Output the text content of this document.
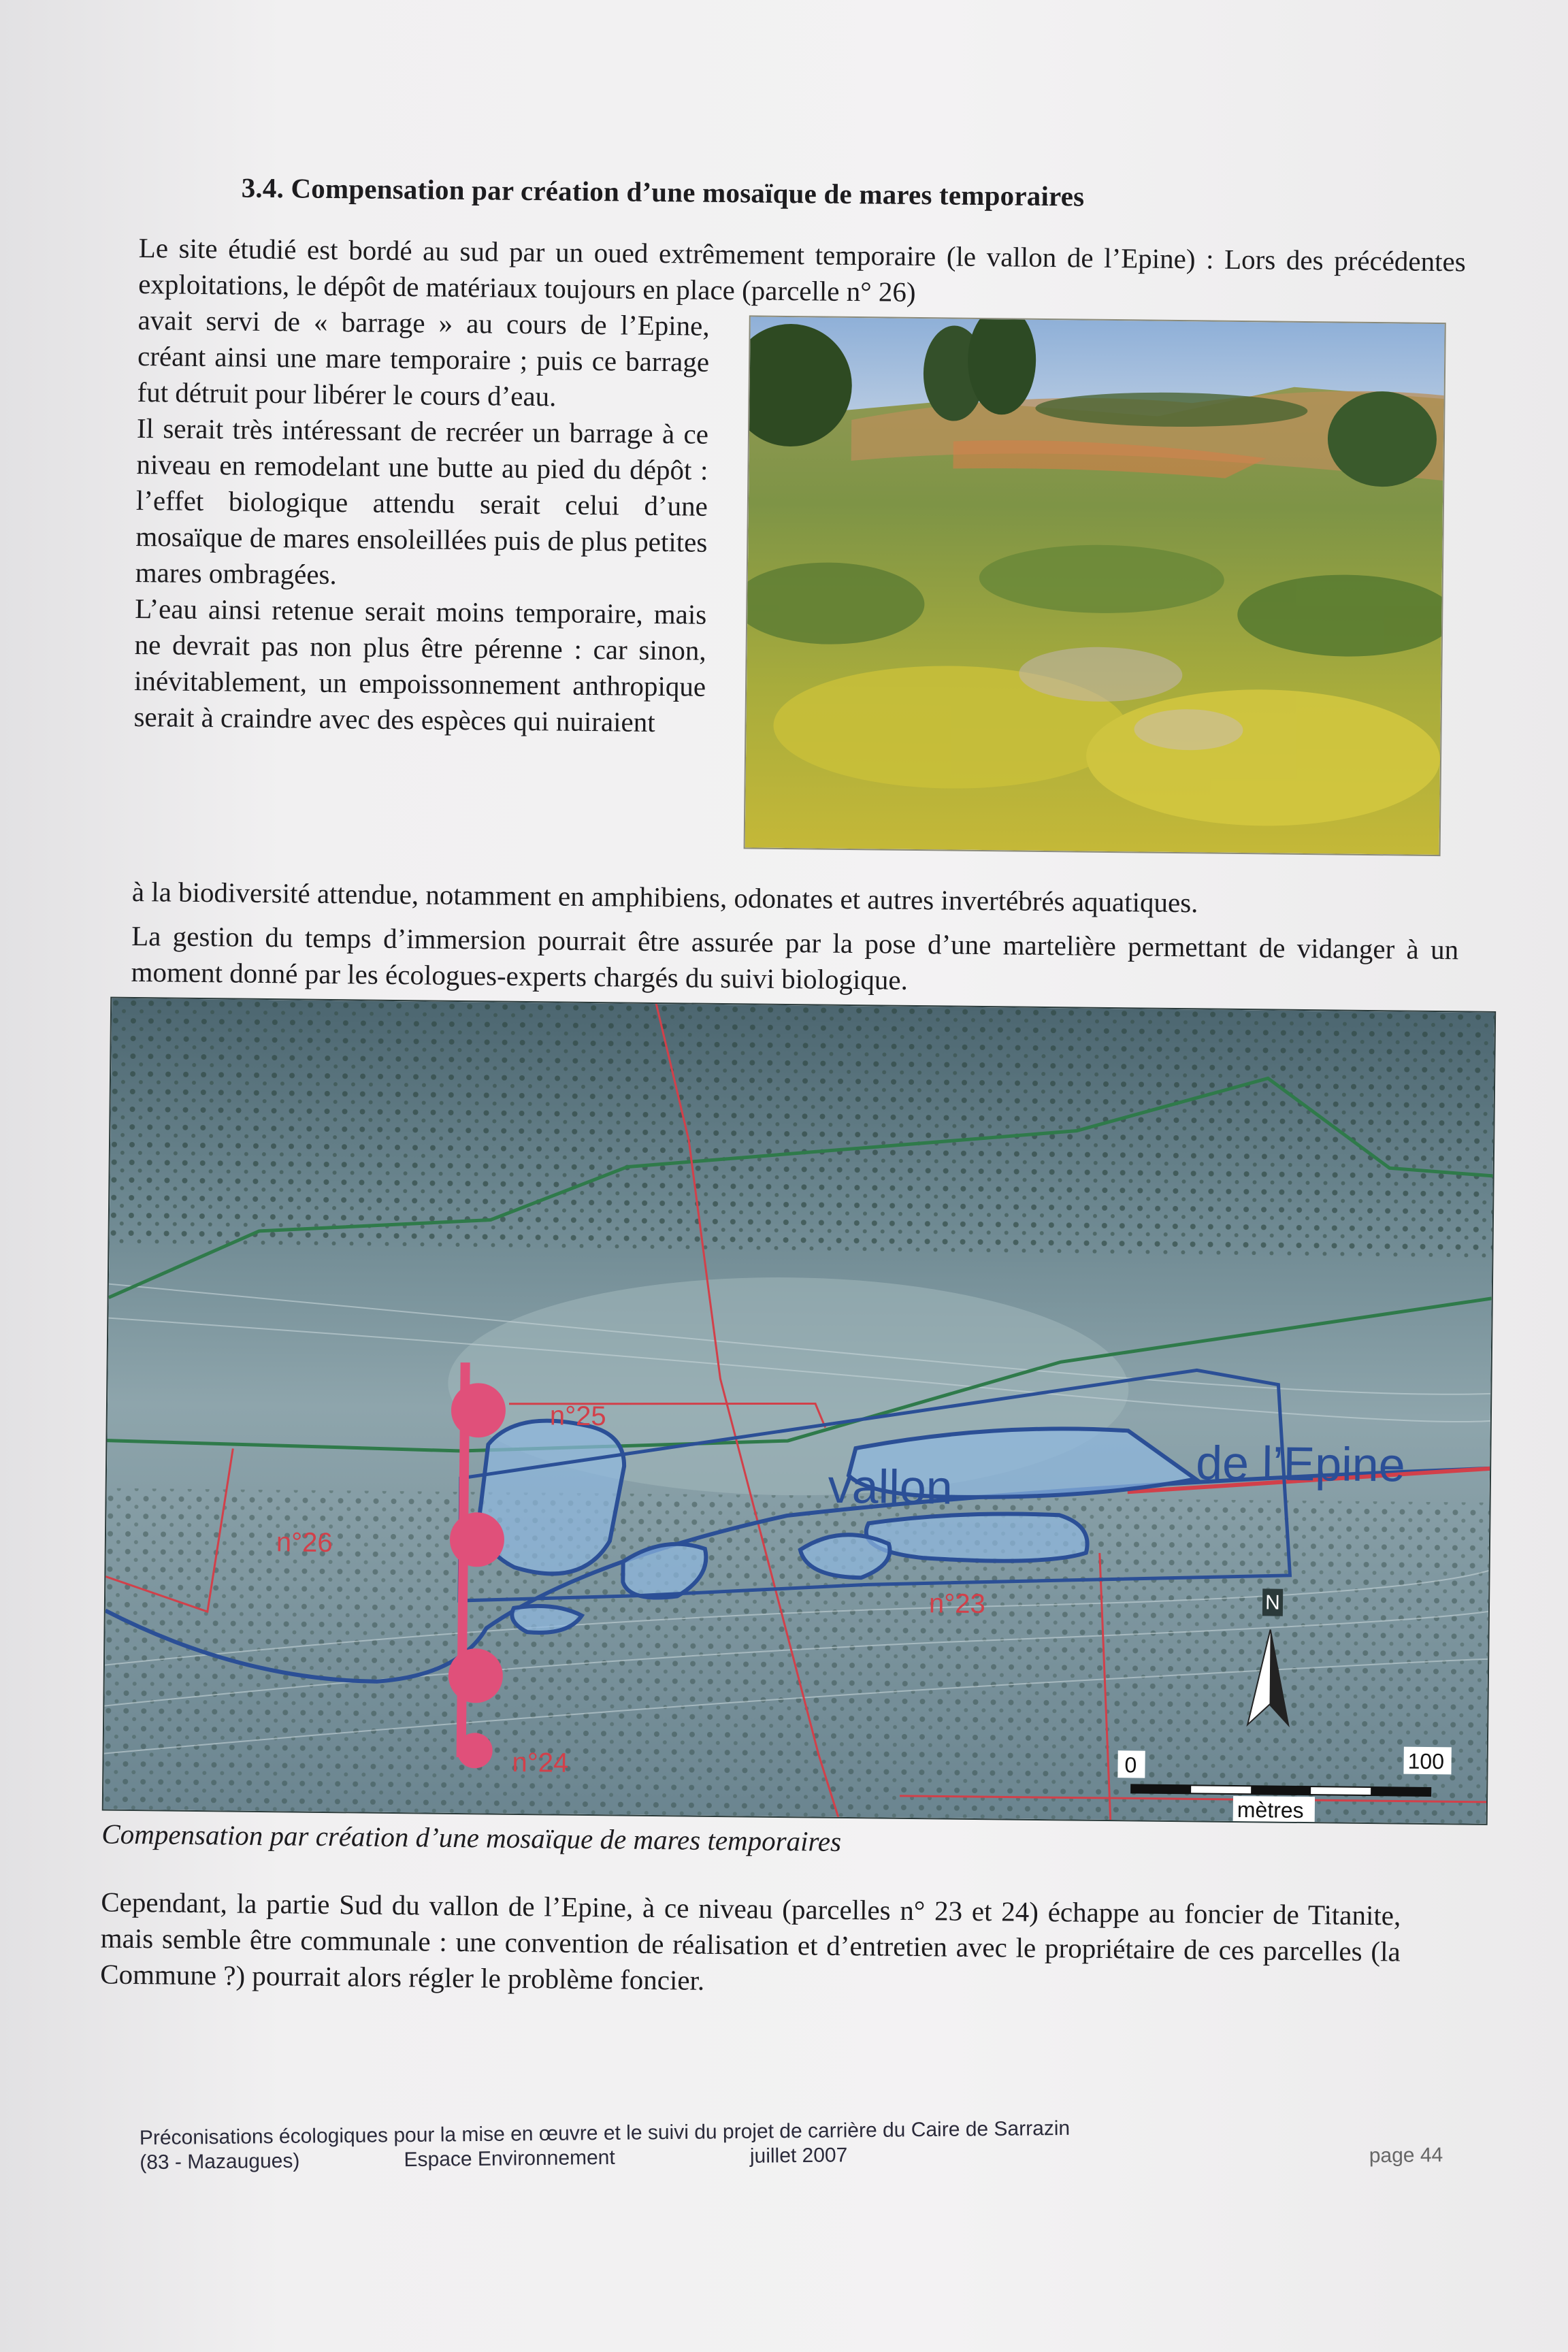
3.4. Compensation par création d’une mosaïque de mares temporaires

Le site étudié est bordé au sud par un oued extrêmement temporaire (le vallon de l’Epine) : Lors des précédentes exploitations, le dépôt de matériaux toujours en place (parcelle n° 26)

avait servi de « barrage » au cours de l’Epine, créant ainsi une mare temporaire ; puis ce barrage fut détruit pour libérer le cours d’eau.

Il serait très intéressant de recréer un barrage à ce niveau en remodelant une butte au pied du dépôt : l’effet biologique attendu serait celui d’une mosaïque de mares ensoleillées puis de plus petites mares ombragées.

L’eau ainsi retenue serait moins temporaire, mais ne devrait pas non plus être pérenne : car sinon, inévitablement, un empoissonnement anthropique serait à craindre avec des espèces qui nuiraient

à la biodiversité attendue, notamment en amphibiens, odonates et autres invertébrés aquatiques.

La gestion du temps d’immersion pourrait être assurée par la pose d’une martelière permettant de vidanger à un moment donné par les écologues-experts chargés du suivi biologique.

n°25
n°26
n°23
n°24
vallon	de l’Epine
N
0	100
mètres

Compensation par création d’une mosaïque de mares temporaires

Cependant, la partie Sud du vallon de l’Epine, à ce niveau (parcelles n° 23 et 24) échappe au foncier de Titanite, mais semble être communale : une convention de réalisation et d’entretien avec le propriétaire de ces parcelles (la Commune ?) pourrait alors régler le problème foncier.

Préconisations écologiques pour la mise en œuvre et le suivi du projet de carrière du Caire de Sarrazin
(83 - Mazaugues)	Espace Environnement	juillet 2007	page 44
